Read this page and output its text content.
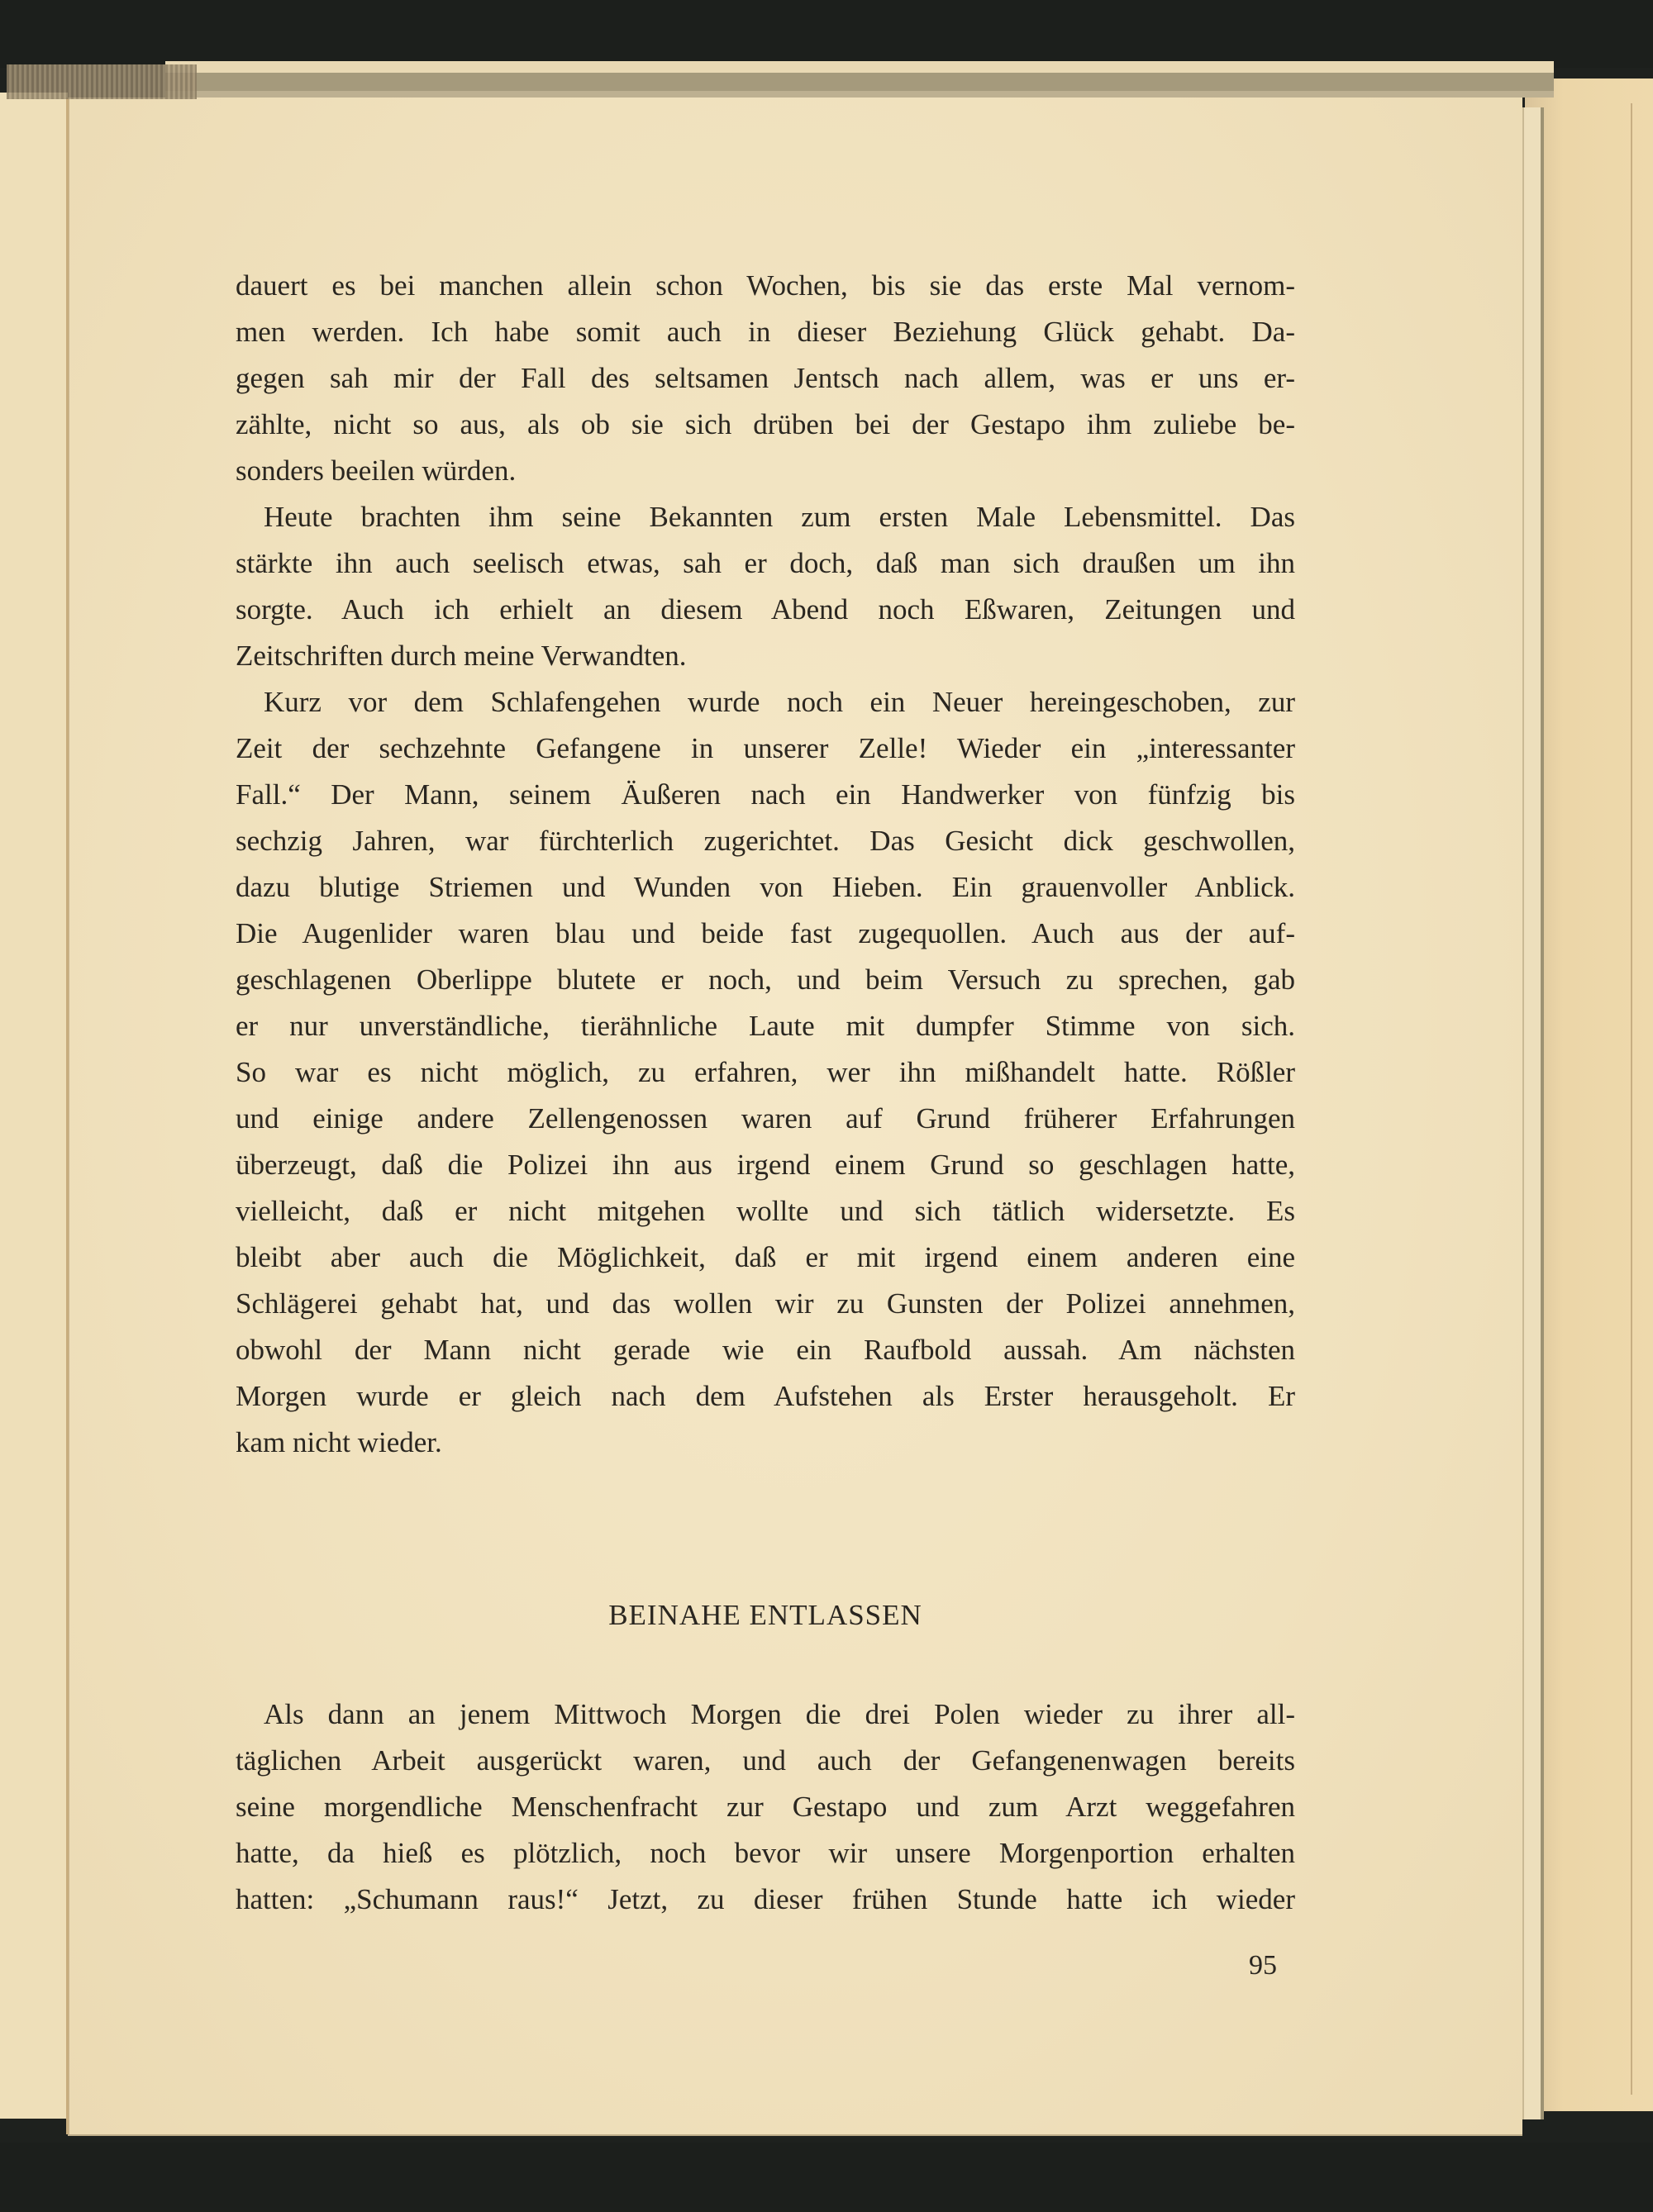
dauert es bei manchen allein schon Wochen, bis sie das erste Mal vernom-
men werden. Ich habe somit auch in dieser Beziehung Glück gehabt. Da-
gegen sah mir der Fall des seltsamen Jentsch nach allem, was er uns er-
zählte, nicht so aus, als ob sie sich drüben bei der Gestapo ihm zuliebe be-
sonders beeilen würden.
Heute brachten ihm seine Bekannten zum ersten Male Lebensmittel. Das
stärkte ihn auch seelisch etwas, sah er doch, daß man sich draußen um ihn
sorgte. Auch ich erhielt an diesem Abend noch Eßwaren, Zeitungen und
Zeitschriften durch meine Verwandten.
Kurz vor dem Schlafengehen wurde noch ein Neuer hereingeschoben, zur
Zeit der sechzehnte Gefangene in unserer Zelle! Wieder ein „interessanter
Fall.“ Der Mann, seinem Äußeren nach ein Handwerker von fünfzig bis
sechzig Jahren, war fürchterlich zugerichtet. Das Gesicht dick geschwollen,
dazu blutige Striemen und Wunden von Hieben. Ein grauenvoller Anblick.
Die Augenlider waren blau und beide fast zugequollen. Auch aus der auf-
geschlagenen Oberlippe blutete er noch, und beim Versuch zu sprechen, gab
er nur unverständliche, tierähnliche Laute mit dumpfer Stimme von sich.
So war es nicht möglich, zu erfahren, wer ihn mißhandelt hatte. Rößler
und einige andere Zellengenossen waren auf Grund früherer Erfahrungen
überzeugt, daß die Polizei ihn aus irgend einem Grund so geschlagen hatte,
vielleicht, daß er nicht mitgehen wollte und sich tätlich widersetzte. Es
bleibt aber auch die Möglichkeit, daß er mit irgend einem anderen eine
Schlägerei gehabt hat, und das wollen wir zu Gunsten der Polizei annehmen,
obwohl der Mann nicht gerade wie ein Raufbold aussah. Am nächsten
Morgen wurde er gleich nach dem Aufstehen als Erster herausgeholt. Er
kam nicht wieder.
BEINAHE ENTLASSEN
Als dann an jenem Mittwoch Morgen die drei Polen wieder zu ihrer all-
täglichen Arbeit ausgerückt waren, und auch der Gefangenenwagen bereits
seine morgendliche Menschenfracht zur Gestapo und zum Arzt weggefahren
hatte, da hieß es plötzlich, noch bevor wir unsere Morgenportion erhalten
hatten: „Schumann raus!“ Jetzt, zu dieser frühen Stunde hatte ich wieder
95
